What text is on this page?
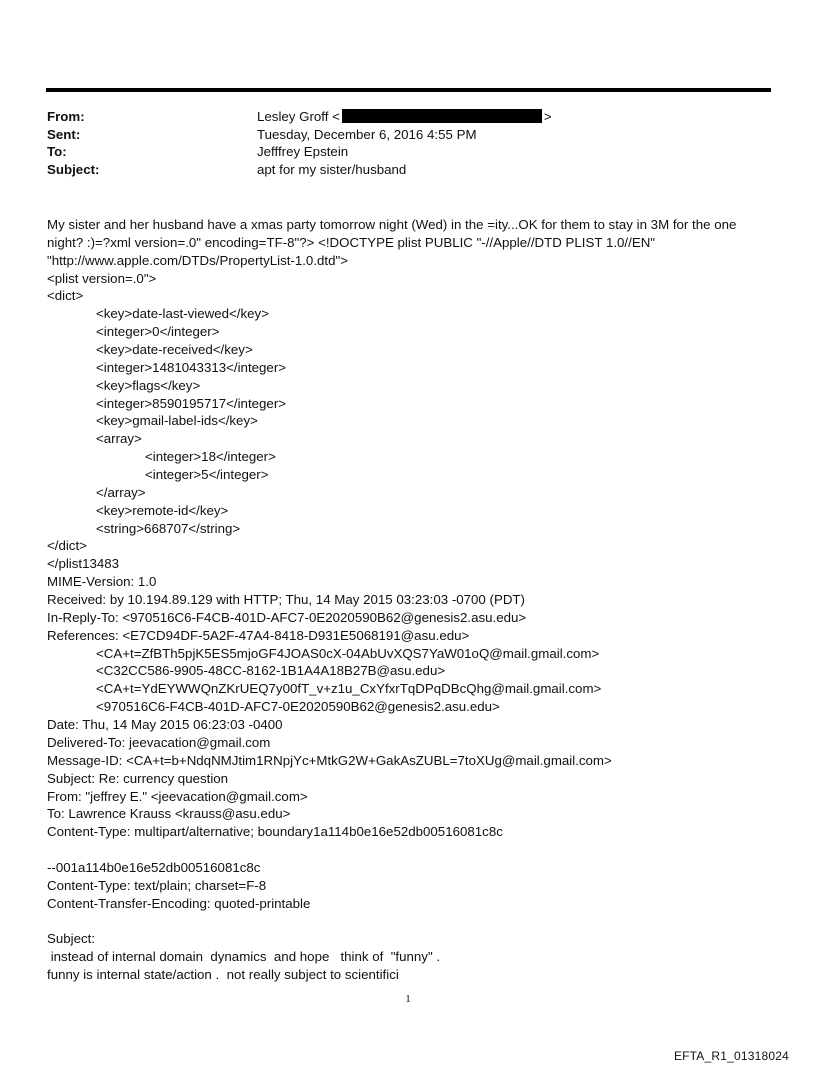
From:	Lesley Groff <	>
Sent:	Tuesday, December 6, 2016 4:55 PM
To:	Jefffrey Epstein
Subject:	apt for my sister/husband
My sister and her husband have a xmas party tomorrow night (Wed) in the =ity...OK for them to stay in 3M for the one
night? :)=?xml version=.0" encoding=TF-8"?> <!DOCTYPE plist PUBLIC "-//Apple//DTD PLIST 1.0//EN"
"http://www.apple.com/DTDs/PropertyList-1.0.dtd">
<plist version=.0">
<dict>
<key>date-last-viewed</key>
<integer>0</integer>
<key>date-received</key>
<integer>1481043313</integer>
<key>flags</key>
<integer>8590195717</integer>
<key>gmail-label-ids</key>
<array>
<integer>18</integer>
<integer>5</integer>
</array>
<key>remote-id</key>
<string>668707</string>
</dict>
</plist13483
MIME-Version: 1.0
Received: by 10.194.89.129 with HTTP; Thu, 14 May 2015 03:23:03 -0700 (PDT)
In-Reply-To: <970516C6-F4CB-401D-AFC7-0E2020590B62@genesis2.asu.edu>
References: <E7CD94DF-5A2F-47A4-8418-D931E5068191@asu.edu>
<CA+t=ZfBTh5pjK5ES5mjoGF4JOAS0cX-04AbUvXQS7YaW01oQ@mail.gmail.com>
<C32CC586-9905-48CC-8162-1B1A4A18B27B@asu.edu>
<CA+t=YdEYWWQnZKrUEQ7y00fT_v+z1u_CxYfxrTqDPqDBcQhg@mail.gmail.com>
<970516C6-F4CB-401D-AFC7-0E2020590B62@genesis2.asu.edu>
Date: Thu, 14 May 2015 06:23:03 -0400
Delivered-To: jeevacation@gmail.com
Message-ID: <CA+t=b+NdqNMJtim1RNpjYc+MtkG2W+GakAsZUBL=7toXUg@mail.gmail.com>
Subject: Re: currency question
From: "jeffrey E." <jeevacation@gmail.com>
To: Lawrence Krauss <krauss@asu.edu>
Content-Type: multipart/alternative; boundary1a114b0e16e52db00516081c8c
--001a114b0e16e52db00516081c8c
Content-Type: text/plain; charset=F-8
Content-Transfer-Encoding: quoted-printable
Subject:
instead of internal domain  dynamics  and hope   think of  "funny" .
funny is internal state/action .  not really subject to scientifici
1
EFTA_R1_01318024
